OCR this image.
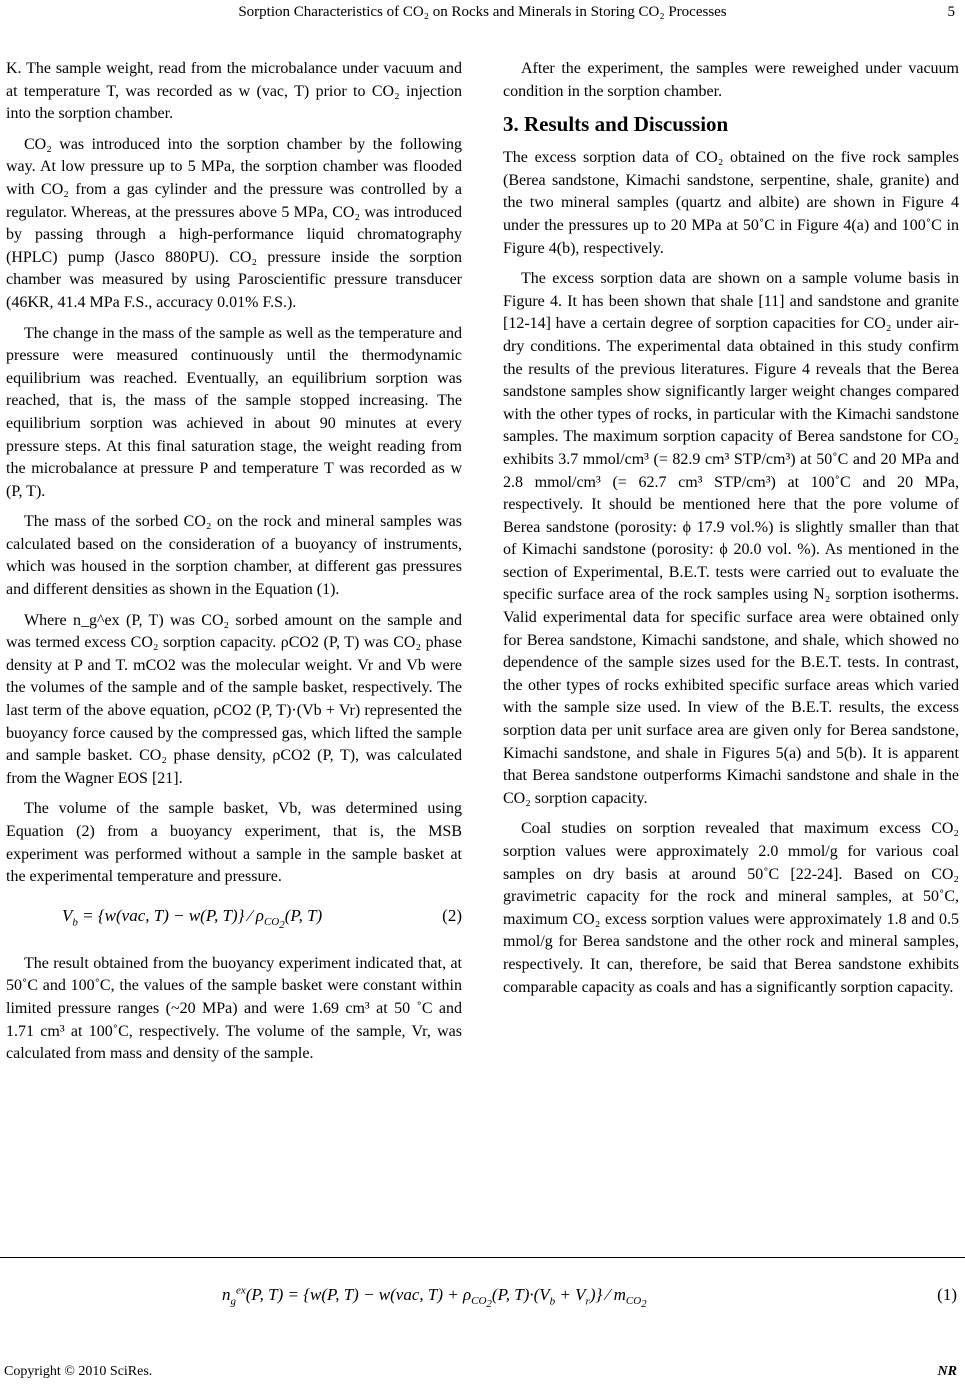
Sorption Characteristics of CO₂ on Rocks and Minerals in Storing CO₂ Processes	5

K. The sample weight, read from the microbalance under vacuum and at temperature T, was recorded as w (vac, T) prior to CO₂ injection into the sorption chamber.

CO₂ was introduced into the sorption chamber by the following way. At low pressure up to 5 MPa, the sorption chamber was flooded with CO₂ from a gas cylinder and the pressure was controlled by a regulator. Whereas, at the pressures above 5 MPa, CO₂ was introduced by passing through a high-performance liquid chromatography (HPLC) pump (Jasco 880PU). CO₂ pressure inside the sorption chamber was measured by using Paroscientific pressure transducer (46KR, 41.4 MPa F.S., accuracy 0.01% F.S.).

The change in the mass of the sample as well as the temperature and pressure were measured continuously until the thermodynamic equilibrium was reached. Eventually, an equilibrium sorption was reached, that is, the mass of the sample stopped increasing. The equilibrium sorption was achieved in about 90 minutes at every pressure steps. At this final saturation stage, the weight reading from the microbalance at pressure P and temperature T was recorded as w (P, T).

The mass of the sorbed CO₂ on the rock and mineral samples was calculated based on the consideration of a buoyancy of instruments, which was housed in the sorption chamber, at different gas pressures and different densities as shown in the Equation (1).

Where n_g^ex (P, T) was CO₂ sorbed amount on the sample and was termed excess CO₂ sorption capacity. ρCO2 (P, T) was CO₂ phase density at P and T. mCO2 was the molecular weight. Vr and Vb were the volumes of the sample and of the sample basket, respectively. The last term of the above equation, ρCO2 (P, T)·(Vb + Vr) represented the buoyancy force caused by the compressed gas, which lifted the sample and sample basket. CO₂ phase density, ρCO2 (P, T), was calculated from the Wagner EOS [21].

The volume of the sample basket, Vb, was determined using Equation (2) from a buoyancy experiment, that is, the MSB experiment was performed without a sample in the sample basket at the experimental temperature and pressure.

$V_b = \{w(vac$, T) − w(P, T)} ⁄ $\rho_{CO_2}(P$, T)	(2)

The result obtained from the buoyancy experiment indicated that, at 50˚C and 100˚C, the values of the sample basket were constant within limited pressure ranges (~20 MPa) and were 1.69 cm³ at 50 ˚C and 1.71 cm³ at 100˚C, respectively. The volume of the sample, Vr, was calculated from mass and density of the sample.

After the experiment, the samples were reweighed under vacuum condition in the sorption chamber.

3. Results and Discussion

The excess sorption data of CO₂ obtained on the five rock samples (Berea sandstone, Kimachi sandstone, serpentine, shale, granite) and the two mineral samples (quartz and albite) are shown in Figure 4 under the pressures up to 20 MPa at 50˚C in Figure 4(a) and 100˚C in Figure 4(b), respectively.

The excess sorption data are shown on a sample volume basis in Figure 4. It has been shown that shale [11] and sandstone and granite [12-14] have a certain degree of sorption capacities for CO₂ under air-dry conditions. The experimental data obtained in this study confirm the results of the previous literatures. Figure 4 reveals that the Berea sandstone samples show significantly larger weight changes compared with the other types of rocks, in particular with the Kimachi sandstone samples. The maximum sorption capacity of Berea sandstone for CO₂ exhibits 3.7 mmol/cm³ (= 82.9 cm³ STP/cm³) at 50˚C and 20 MPa and 2.8 mmol/cm³ (= 62.7 cm³ STP/cm³) at 100˚C and 20 MPa, respectively. It should be mentioned here that the pore volume of Berea sandstone (porosity: ϕ 17.9 vol.%) is slightly smaller than that of Kimachi sandstone (porosity: ϕ 20.0 vol. %). As mentioned in the section of Experimental, B.E.T. tests were carried out to evaluate the specific surface area of the rock samples using N₂ sorption isotherms. Valid experimental data for specific surface area were obtained only for Berea sandstone, Kimachi sandstone, and shale, which showed no dependence of the sample sizes used for the B.E.T. tests. In contrast, the other types of rocks exhibited specific surface areas which varied with the sample size used. In view of the B.E.T. results, the excess sorption data per unit surface area are given only for Berea sandstone, Kimachi sandstone, and shale in Figures 5(a) and 5(b). It is apparent that Berea sandstone outperforms Kimachi sandstone and shale in the CO₂ sorption capacity.

Coal studies on sorption revealed that maximum excess CO₂ sorption values were approximately 2.0 mmol/g for various coal samples on dry basis at around 50˚C [22-24]. Based on CO₂ gravimetric capacity for the rock and mineral samples, at 50˚C, maximum CO₂ excess sorption values were approximately 1.8 and 0.5 mmol/g for Berea sandstone and the other rock and mineral samples, respectively. It can, therefore, be said that Berea sandstone exhibits comparable capacity as coals and has a significantly sorption capacity.

$n_g^{ex}(P$, T) = {w(P, T) − w(vac, $T) + \rho_{CO_2}(P$, $T)\cdot(V_b + V_r)$} ⁄ $m_{CO_2}$
(1)
Copyright © 2010 SciRes.	NR
